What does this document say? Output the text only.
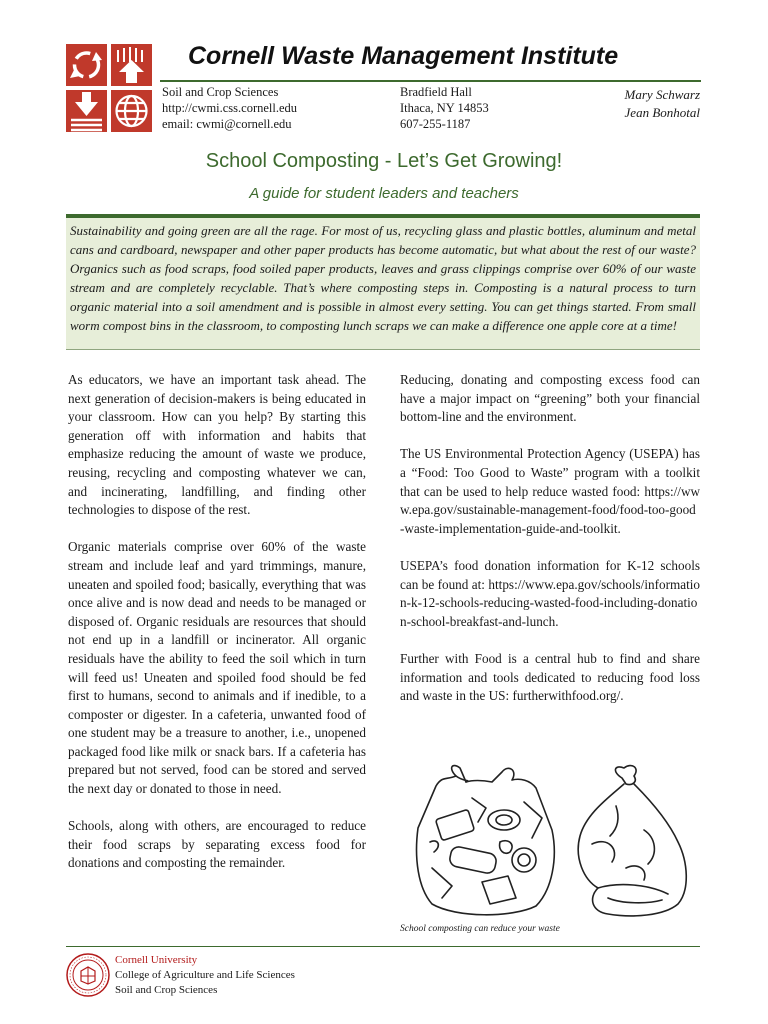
Cornell Waste Management Institute
Soil and Crop Sciences
http://cwmi.css.cornell.edu
email: cwmi@cornell.edu
Bradfield Hall
Ithaca, NY 14853
607-255-1187
Mary Schwarz
Jean Bonhotal
School Composting - Let’s Get Growing!
A guide for student leaders and teachers

Sustainability and going green are all the rage. For most of us, recycling glass and plastic bottles, aluminum and metal cans and cardboard, newspaper and other paper products has become automatic, but what about the rest of our waste? Organics such as food scraps, food soiled paper products, leaves and grass clippings comprise over 60% of our waste stream and are completely recyclable. That’s where composting steps in. Composting is a natural process to turn organic material into a soil amendment and is possible in almost every setting. You can get things started. From small worm compost bins in the classroom, to composting lunch scraps we can make a difference one apple core at a time!

As educators, we have an important task ahead. The next generation of decision-makers is being educated in your classroom. How can you help? By starting this generation off with information and habits that emphasize reducing the amount of waste we produce, reusing, recycling and composting whatever we can, and incinerating, landfilling, and finding other technologies to dispose of the rest.

Organic materials comprise over 60% of the waste stream and include leaf and yard trimmings, manure, uneaten and spoiled food; basically, everything that was once alive and is now dead and needs to be managed or disposed of. Organic residuals are resources that should not end up in a landfill or incinerator. All organic residuals have the ability to feed the soil which in turn will feed us! Uneaten and spoiled food should be fed first to humans, second to animals and if inedible, to a composter or digester. In a cafeteria, unwanted food of one student may be a treasure to another, i.e., unopened packaged food like milk or snack bars. If a cafeteria has prepared but not served, food can be stored and served the next day or donated to those in need.

Schools, along with others, are encouraged to reduce their food scraps by separating excess food for donations and composting the remainder.

Reducing, donating and composting excess food can have a major impact on “greening” both your financial bottom-line and the environment.

The US Environmental Protection Agency (USEPA) has a “Food: Too Good to Waste” program with a toolkit that can be used to help reduce wasted food: https://www.epa.gov/sustainable-management-food/food-too-good-waste-implementation-guide-and-toolkit.

USEPA’s food donation information for K-12 schools can be found at: https://www.epa.gov/schools/information-k-12-schools-reducing-wasted-food-including-donation-school-breakfast-and-lunch.

Further with Food is a central hub to find and share information and tools dedicated to reducing food loss and waste in the US: furtherwithfood.org/.

School composting can reduce your waste
Cornell University
College of Agriculture and Life Sciences
Soil and Crop Sciences
